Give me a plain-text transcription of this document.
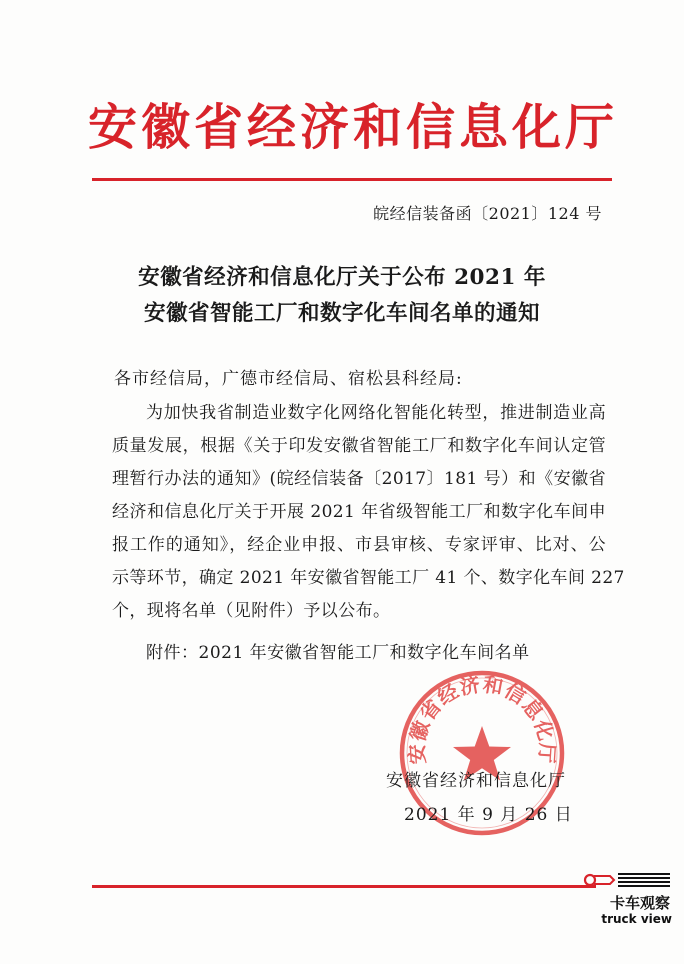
安徽省经济和信息化厅
皖经信装备函〔2021〕124 号
安徽省经济和信息化厅关于公布 2021 年
安徽省智能工厂和数字化车间名单的通知
各市经信局，广德市经信局、宿松县科经局:
为加快我省制造业数字化网络化智能化转型，推进制造业高
质量发展，根据《关于印发安徽省智能工厂和数字化车间认定管
理暂行办法的通知》(皖经信装备〔2017〕181 号）和《安徽省
经济和信息化厅关于开展 2021 年省级智能工厂和数字化车间申
报工作的通知》，经企业申报、市县审核、专家评审、比对、公
示等环节，确定 2021 年安徽省智能工厂 41 个、数字化车间 227
个，现将名单（见附件）予以公布。
附件：2021 年安徽省智能工厂和数字化车间名单
安徽省经济和信息化厅
安徽省经济和信息化厅
2021 年 9 月 26 日
卡车观察
truck view
